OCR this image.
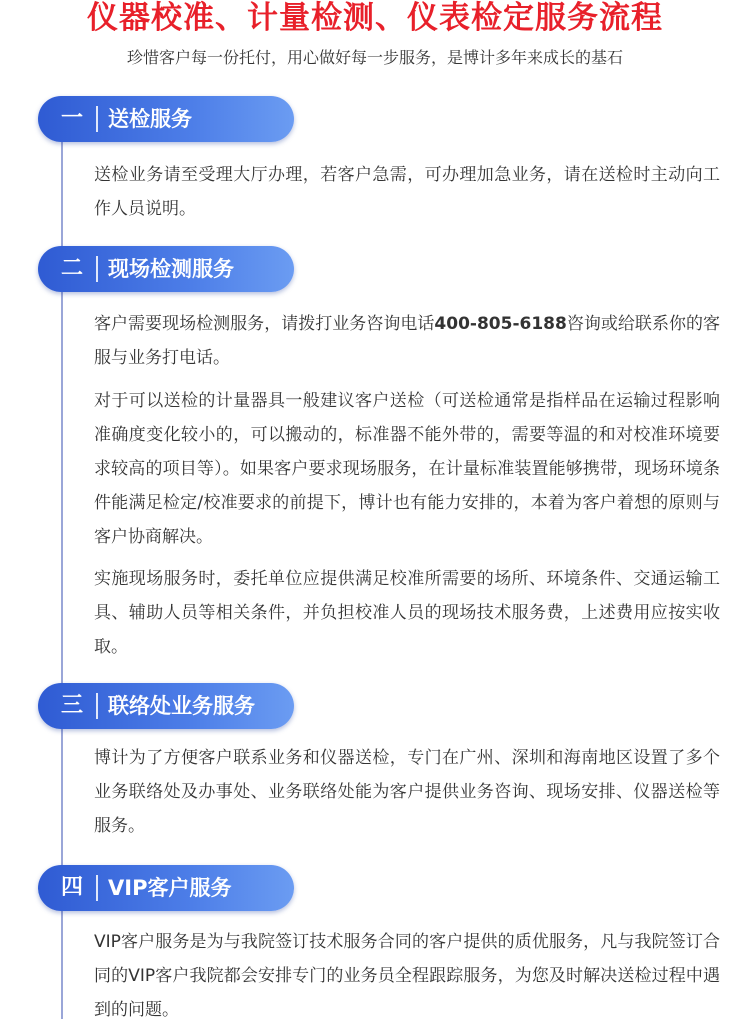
仪器校准、计量检测、仪表检定服务流程
珍惜客户每一份托付，用心做好每一步服务，是博计多年来成长的基石
一	送检服务

送检业务请至受理大厅办理，若客户急需，可办理加急业务，请在送检时主动向工作人员说明。

二	现场检测服务

客户需要现场检测服务，请拨打业务咨询电话400-805-6188咨询或给联系你的客服与业务打电话。

对于可以送检的计量器具一般建议客户送检（可送检通常是指样品在运输过程影响准确度变化较小的，可以搬动的，标准器不能外带的，需要等温的和对校准环境要求较高的项目等）。如果客户要求现场服务，在计量标准装置能够携带，现场环境条件能满足检定/校准要求的前提下，博计也有能力安排的，本着为客户着想的原则与客户协商解决。

实施现场服务时，委托单位应提供满足校准所需要的场所、环境条件、交通运输工具、辅助人员等相关条件，并负担校准人员的现场技术服务费，上述费用应按实收取。

三	联络处业务服务

博计为了方便客户联系业务和仪器送检，专门在广州、深圳和海南地区设置了多个业务联络处及办事处、业务联络处能为客户提供业务咨询、现场安排、仪器送检等服务。

四	VIP客户服务

VIP客户服务是为与我院签订技术服务合同的客户提供的质优服务，凡与我院签订合同的VIP客户我院都会安排专门的业务员全程跟踪服务，为您及时解决送检过程中遇到的问题。
